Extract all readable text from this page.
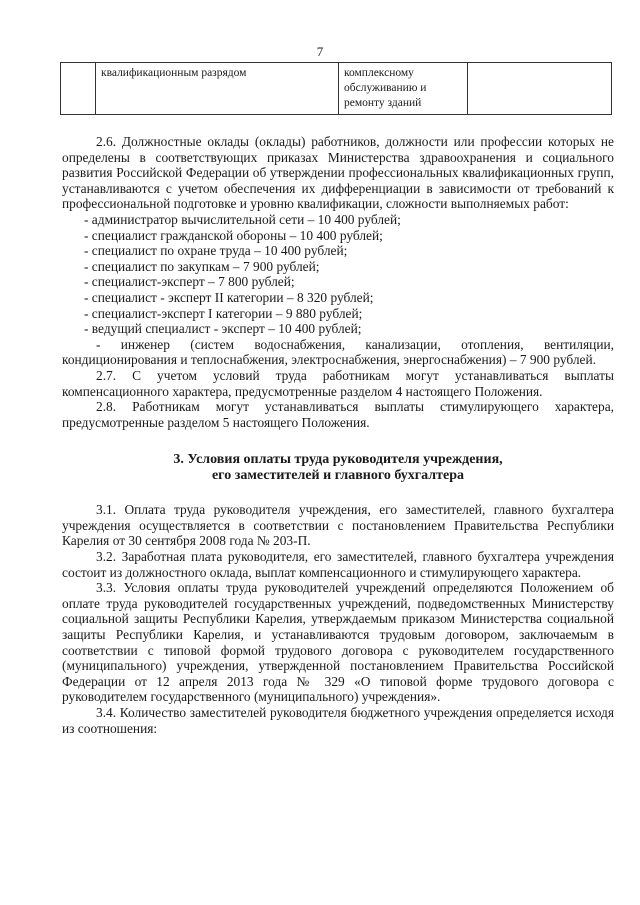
7
	квалификационным разрядом	комплексному
обслуживанию и
ремонту зданий

2.6. Должностные оклады (оклады) работников, должности или профессии которых не определены в соответствующих приказах Министерства здравоохранения и социального развития Российской Федерации об утверждении профессиональных квалификационных групп, устанавливаются с учетом обеспечения их дифференциации в зависимости от требований к профессиональной подготовке и уровню квалификации, сложности выполняемых работ:

- администратор вычислительной сети – 10 400 рублей;

- специалист гражданской обороны – 10 400 рублей;

- специалист по охране труда – 10 400 рублей;

- специалист по закупкам – 7 900 рублей;

- специалист-эксперт – 7 800 рублей;

- специалист - эксперт II категории – 8 320 рублей;

- специалист-эксперт I категории – 9 880 рублей;

- ведущий специалист - эксперт – 10 400 рублей;

- инженер (систем водоснабжения, канализации, отопления, вентиляции, кондиционирования и теплоснабжения, электроснабжения, энергоснабжения) – 7 900 рублей.

2.7. С учетом условий труда работникам могут устанавливаться выплаты компенсационного характера, предусмотренные разделом 4 настоящего Положения.

2.8. Работникам могут устанавливаться выплаты стимулирующего характера, предусмотренные разделом 5 настоящего Положения.

3. Условия оплаты труда руководителя учреждения,
его заместителей и главного бухгалтера

3.1. Оплата труда руководителя учреждения, его заместителей, главного бухгалтера учреждения осуществляется в соответствии с постановлением Правительства Республики Карелия от 30 сентября 2008 года № 203-П.

3.2. Заработная плата руководителя, его заместителей, главного бухгалтера учреждения состоит из должностного оклада, выплат компенсационного и стимулирующего характера.

3.3. Условия оплаты труда руководителей учреждений определяются Положением об оплате труда руководителей государственных учреждений, подведомственных Министерству социальной защиты Республики Карелия, утверждаемым приказом Министерства социальной защиты Республики Карелия, и устанавливаются трудовым договором, заключаемым в соответствии с типовой формой трудового договора с руководителем государственного (муниципального) учреждения, утвержденной постановлением Правительства Российской Федерации от 12 апреля 2013 года № 329 «О типовой форме трудового договора с руководителем государственного (муниципального) учреждения».

3.4. Количество заместителей руководителя бюджетного учреждения определяется исходя из соотношения:
